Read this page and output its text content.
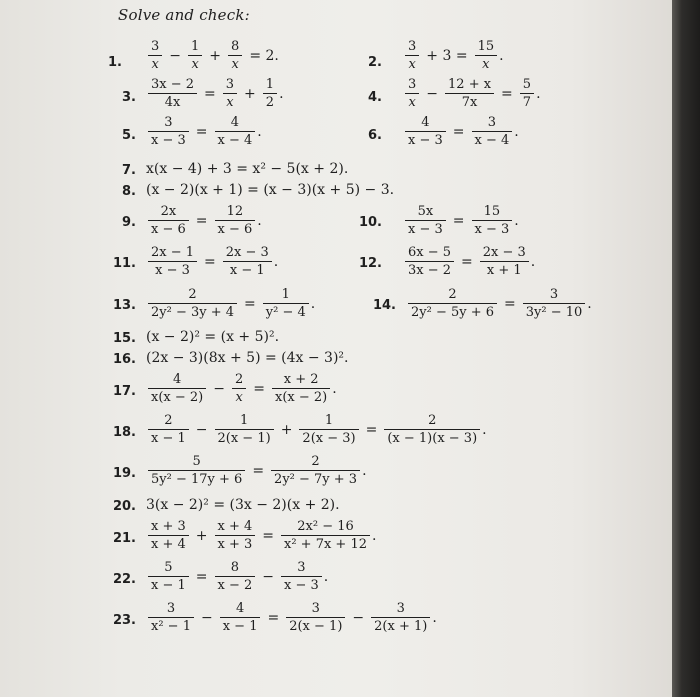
Solve and check:
1. $\frac{3}{x} - \frac{1}{x} + \frac{8}{x} = 2$.	2. $\frac{3}{x} + 3 = \frac{15}{x}$ .
3. $\frac{3x - 2}{4x} = \frac{3}{x} + \frac{1}{2}$ .	4. $\frac{3}{x} - \frac{12 + x}{7x} = \frac{5}{7}$ .
5. $\frac{3}{x - 3} = \frac{4}{x - 4}$ .	6. $\frac{4}{x - 3} = \frac{3}{x - 4}$ .
7. x(x − 4) + 3 = x² − 5(x + 2).
8. (x − 2)(x + 1) = (x − 3)(x + 5) − 3.
9. $\frac{2x}{x - 6} = \frac{12}{x - 6}$ .	10. $\frac{5x}{x - 3} = \frac{15}{x - 3}$ .
11. $\frac{2x - 1}{x - 3} = \frac{2x - 3}{x - 1}$ .	12. $\frac{6x - 5}{3x - 2} = \frac{2x - 3}{x + 1}$ .
13. $\frac{2}{\text{2y² − 3y + 4}} = \frac{1}{\text{y² − 4}}$ .	14. $\frac{2}{\text{2y² − 5y + 6}} = \frac{3}{\text{3y² − 10}}$ .
15. (x − 2)² = (x + 5)².
16. (2x − 3)(8x + 5) = (4x − 3)².
17. $\frac{4}{x(x - 2)} - \frac{2}{x} = \frac{x + 2}{x(x - 2)}$ .
18. $\frac{2}{x - 1} - \frac{1}{2(x - 1)} + \frac{1}{2(x - 3)} = \frac{2}{(x - 1)(x - 3)}$ .
19. $\frac{5}{\text{5y² − 17y + 6}} = \frac{2}{\text{2y² − 7y + 3}}$ .
20. 3(x − 2)² = (3x − 2)(x + 2).
21. $\frac{x + 3}{x + 4} + \frac{x + 4}{x + 3} = \frac{\text{2x² − 16}}{\text{x² + 7x + 12}}$ .
22. $\frac{5}{x - 1} = \frac{8}{x - 2} - \frac{3}{x - 3}$ .
23. $\frac{3}{\text{x² − 1}} - \frac{4}{x - 1} = \frac{3}{2(x - 1)} - \frac{3}{2(x + 1)}$ .
